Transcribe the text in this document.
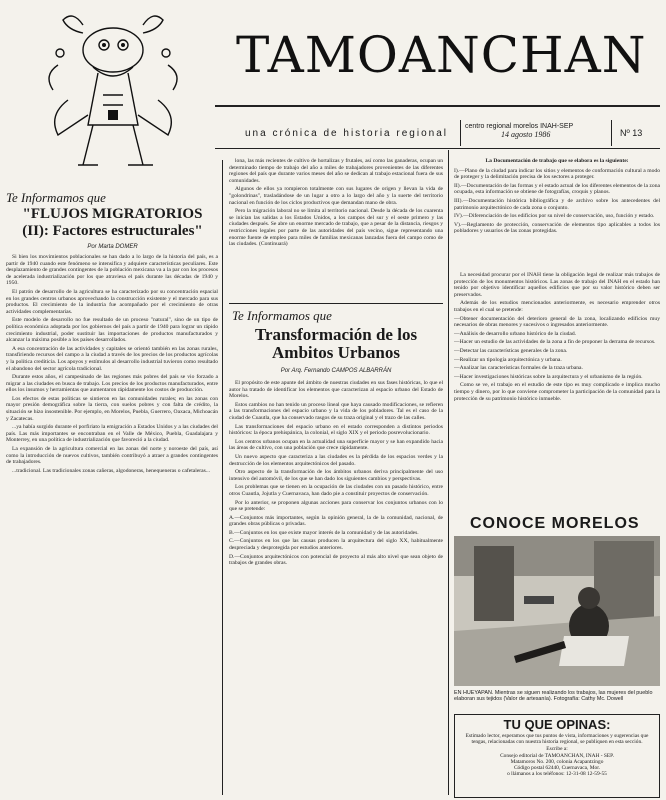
TAMOANCHAN
una crónica de historia regional
centro regional morelos INAH-SEP
14 agosto 1986	Nº 13
Te Informamos que
"FLUJOS MIGRATORIOS (II): Factores estructurales"
Por Marta DOMER

Si bien los movimientos poblacionales se han dado a lo largo de la historia del país, es a partir de 1940 cuando este fenómeno se intensifica y adquiere características peculiares. Este desplazamiento de grandes contingentes de la población mexicana va a la par con los procesos de acelerada industrialización por los que atraviesa el país durante las décadas de 1940 y 1950.

El patrón de desarrollo de la agricultura se ha caracterizado por su concentración espacial en los grandes centros urbanos aprovechando la construcción existente y el mercado para sus productos. El crecimiento de la industria fue acompañado por el crecimiento de otras actividades complementarias.

Este modelo de desarrollo no fue resultado de un proceso "natural", sino de un tipo de política económica adoptada por los gobiernos del país a partir de 1940 para lograr un rápido crecimiento industrial, poder sustituir las importaciones de productos manufacturados y alcanzar la máxima posible a los países desarrollados.

A esa concentración de las actividades y capitales se orientó también en las zonas rurales, transfiriendo recursos del campo a la ciudad a través de los precios de los productos agrícolas y la política crediticia. Los apoyos y estímulos al desarrollo industrial tuvieron como resultado el abandono del sector agrícola tradicional.

Durante estos años, el campesinado de las regiones más pobres del país se vio forzado a migrar a las ciudades en busca de trabajo. Los precios de los productos manufacturados, entre ellos los insumos y herramientas que aumentaron rápidamente los costos de producción.

Los efectos de estas políticas se sintieron en las comunidades rurales; en las zonas con mayor presión demográfica sobre la tierra, con suelos pobres y con falta de crédito, la situación se hizo insostenible. Por ejemplo, en Morelos, Puebla, Guerrero, Oaxaca, Michoacán y Zacatecas.

...ya había surgido durante el porfiriato la emigración a Estados Unidos y a las ciudades del país. Las más importantes se encontraban en el Valle de México, Puebla, Guadalajara y Monterrey, en una política de industrialización que favoreció a la ciudad.

La expansión de la agricultura comercial en las zonas del norte y noroeste del país, así como la introducción de nuevos cultivos, también contribuyó a atraer a grandes contingentes de trabajadores.

...tradicional. Las tradicionales zonas cañeras, algodoneras, henequeneras o cafetaleras...

lona, las más recientes de cultivo de hortalizas y frutales, así como las ganaderas, ocupan un determinado tiempo de trabajo del año a miles de trabajadores provenientes de las diferentes regiones del país que durante varios meses del año se dedican al trabajo estacional fuera de sus comunidades.

Algunos de ellos ya rompieron totalmente con sus lugares de origen y llevan la vida de "golondrinas", trasladándose de un lugar a otro a lo largo del año y la suerte del territorio nacional en función de los ciclos productivos que demandan mano de obra.

Pero la migración laboral no se limita al territorio nacional. Desde la década de los cuarenta se inician las salidas a los Estados Unidos, a los campos del sur y el oeste primero y las ciudades después. Se abre un enorme mercado de trabajo, que a pesar de la distancia, riesgos y restricciones legales por parte de las autoridades del país vecino, sigue representando una enorme fuente de empleo para miles de familias mexicanas lanzadas fuera del campo como de las ciudades. (Continuará)

Te Informamos que
Transformación de los Ambitos Urbanos
Por Arq. Fernando CAMPOS ALBARRÁN

El propósito de este apunte del ámbito de nuestras ciudades en sus fases históricas, lo que el autor ha tratado de identificar los elementos que caracterizan al espacio urbano del Estado de Morelos.

Estos cambios no han tenido un proceso lineal que haya causado modificaciones, se refieren a las transformaciones del espacio urbano y la vida de los pobladores. Tal es el caso de la ciudad de Cuautla, que ha conservado rasgos de su traza original y el trazo de las calles.

Las transformaciones del espacio urbano en el estado corresponden a distintos periodos históricos: la época prehispánica, la colonial, el siglo XIX y el periodo posrevolucionario.

Los centros urbanos ocupan en la actualidad una superficie mayor y se han expandido hacia las áreas de cultivo, con una población que crece rápidamente.

Un nuevo aspecto que caracteriza a las ciudades es la pérdida de los espacios verdes y la destrucción de los elementos arquitectónicos del pasado.

Otro aspecto de la transformación de los ámbitos urbanos deriva principalmente del uso intensivo del automóvil, de los que se han dado los siguientes cambios y perspectivas.

Los problemas que se tienen en la ocupación de las ciudades con un pasado histórico, entre otros Cuautla, Jojutla y Cuernavaca, han dado pie a constituir proyectos de conservación.

Por lo anterior, se proponen algunas acciones para conservar los conjuntos urbanos con lo que se pretende:

A.—Conjuntos más importantes, según la opinión general, la de la comunidad, nacional, de grandes obras públicas o privadas.
B.—Conjuntos en los que existe mayor interés de la comunidad y de las autoridades.
C.—Conjuntos en los que las causas producen la arquitectura del siglo XX, habitualmente despreciada y desprotegida por estudios anteriores.
D.—Conjuntos arquitectónicos con potencial de proyecto al más alto nivel que sean objeto de trabajos de grandes obras.
La Documentación de trabajo que se elabora es la siguiente:
I).—Plano de la ciudad para indicar los sitios y elementos de conformación cultural a modo de proteger y la delimitación precisa de los sectores a proteger.
II).—Documentación de las formas y el estado actual de los diferentes elementos de la zona ocupada, esta información se obtiene de fotografías, croquis y planos.
III).—Documentación histórica bibliográfica y de archivo sobre los antecedentes del patrimonio arquitectónico de cada zona o conjunto.
IV).—Diferenciación de los edificios por su nivel de conservación, uso, función y estado.
V).—Reglamento de protección, conservación de elementos tipo aplicables a todos los pobladores y usuarios de las zonas protegidas.

La necesidad procurar por el INAH tiene la obligación legal de realizar más trabajos de protección de los monumentos históricos. Las zonas de trabajo del INAH en el estado han tenido por objetivo identificar aquellos edificios que por su valor histórico deben ser preservados.

Además de los estudios mencionados anteriormente, es necesario emprender otros trabajos en el cual se pretende:

—Obtener documentación del deterioro general de la zona, localizando edificios muy necesarios de obras menores y sucesivos o ingresados anteriormente.
—Análisis de desarrollo urbano histórico de la ciudad.
—Hacer un estudio de las actividades de la zona a fin de proponer la derrama de recursos.
—Detectar las características generales de la zona.
—Realizar un tipología arquitectónica y urbana.
—Analizar las características formales de la traza urbana.
—Hacer investigaciones históricas sobre la arquitectura y el urbanismo de la región.

Como se ve, el trabajo en el estudio de este tipo es muy complicado e implica mucho tiempo y dinero, por lo que conviene comprometer la participación de la comunidad para la protección de su patrimonio histórico inmueble.

CONOCE MORELOS
EN HUEYAPAN. Mientras se siguen realizando los trabajos, las mujeres del pueblo elaboran sus tejidos (Valor de artesanía). Fotografía: Cathy Mc. Dowell
TU QUE OPINAS:
Estimado lector, esperamos que tus puntos de vista, informaciones y sugerencias que tengas, relacionadas con nuestra historia regional, se publiquen en esta sección.
Escribe a:
Consejo editorial de TAMOANCHAN, INAH - SEP.
Matamoros No. 200, colonia Acapantzingo
Código postal 62440, Cuernavaca, Mor.
o llámanos a los teléfonos: 12-31-08 12-59-55
